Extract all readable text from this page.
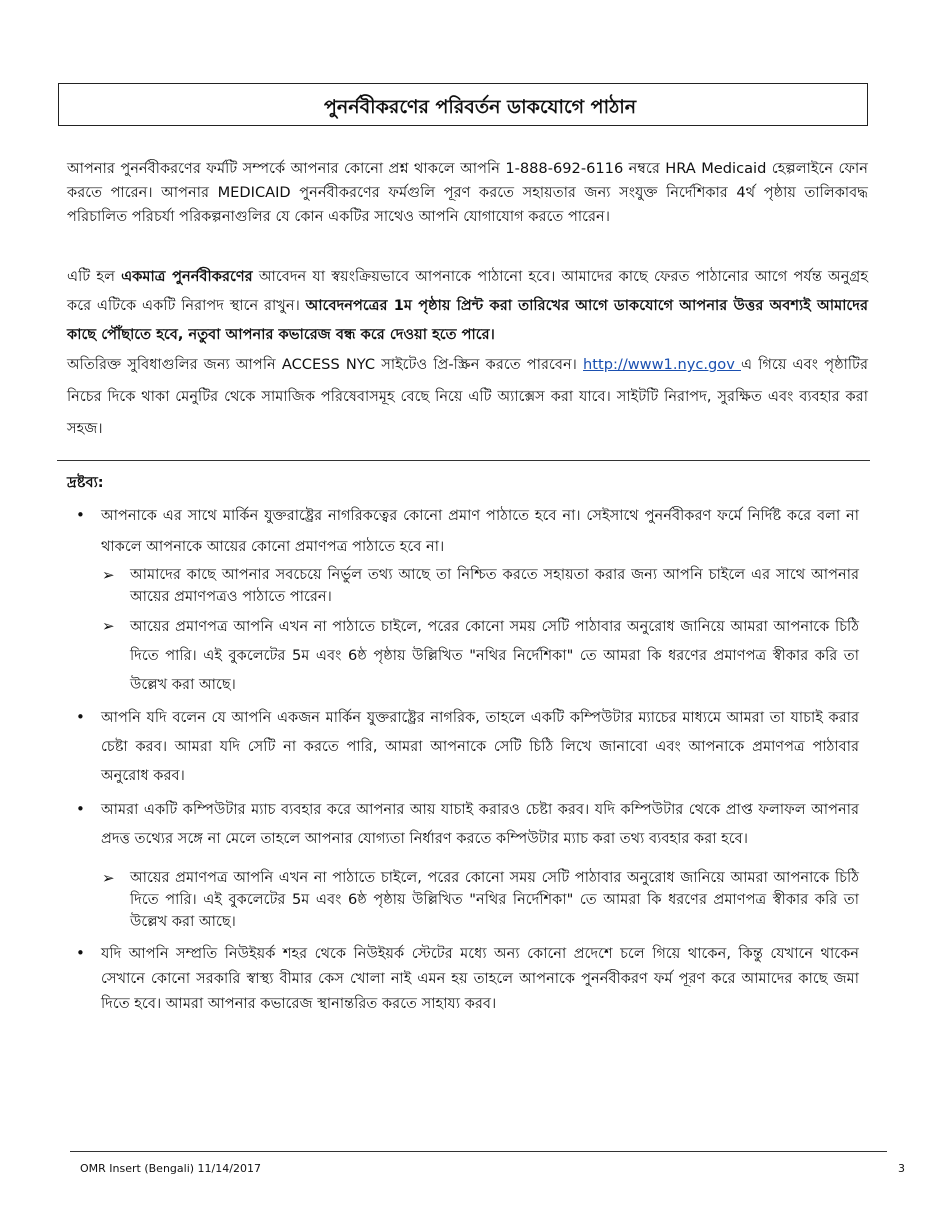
পুনর্নবীকরণের পরিবর্তন ডাকযোগে পাঠান

আপনার পুনর্নবীকরণের ফর্মটি সম্পর্কে আপনার কোনো প্রশ্ন থাকলে আপনি 1-888-692-6116 নম্বরে HRA Medicaid হেল্পলাইনে ফোন করতে পারেন। আপনার MEDICAID পুনর্নবীকরণের ফর্মগুলি পূরণ করতে সহায়তার জন্য সংযুক্ত নির্দেশিকার 4র্থ পৃষ্ঠায় তালিকাবদ্ধ পরিচালিত পরিচর্যা পরিকল্পনাগুলির যে কোন একটির সাথেও আপনি যোগাযোগ করতে পারেন।

এটি হল একমাত্র পুনর্নবীকরণের আবেদন যা স্বয়ংক্রিয়ভাবে আপনাকে পাঠানো হবে। আমাদের কাছে ফেরত পাঠানোর আগে পর্যন্ত অনুগ্রহ করে এটিকে একটি নিরাপদ স্থানে রাখুন। আবেদনপত্রের 1ম পৃষ্ঠায় প্রিন্ট করা তারিখের আগে ডাকযোগে আপনার উত্তর অবশ্যই আমাদের কাছে পৌঁছাতে হবে, নতুবা আপনার কভারেজ বন্ধ করে দেওয়া হতে পারে।

অতিরিক্ত সুবিধাগুলির জন্য আপনি ACCESS NYC সাইটেও প্রি-স্ক্রিন করতে পারবেন। http://www1.nyc.gov এ গিয়ে এবং পৃষ্ঠাটির নিচের দিকে থাকা মেনুটির থেকে সামাজিক পরিষেবাসমূহ বেছে নিয়ে এটি অ্যাক্সেস করা যাবে। সাইটটি নিরাপদ, সুরক্ষিত এবং ব্যবহার করা সহজ।

দ্রষ্টব্য:

• আপনাকে এর সাথে মার্কিন যুক্তরাষ্ট্রের নাগরিকত্বের কোনো প্রমাণ পাঠাতে হবে না। সেইসাথে পুনর্নবীকরণ ফর্মে নির্দিষ্ট করে বলা না থাকলে আপনাকে আয়ের কোনো প্রমাণপত্র পাঠাতে হবে না।

➢ আমাদের কাছে আপনার সবচেয়ে নির্ভুল তথ্য আছে তা নিশ্চিত করতে সহায়তা করার জন্য আপনি চাইলে এর সাথে আপনার আয়ের প্রমাণপত্রও পাঠাতে পারেন।

➢ আয়ের প্রমাণপত্র আপনি এখন না পাঠাতে চাইলে, পরের কোনো সময় সেটি পাঠাবার অনুরোধ জানিয়ে আমরা আপনাকে চিঠি দিতে পারি। এই বুকলেটের 5ম এবং 6ষ্ঠ পৃষ্ঠায় উল্লিখিত "নথির নির্দেশিকা" তে আমরা কি ধরণের প্রমাণপত্র স্বীকার করি তা উল্লেখ করা আছে।

• আপনি যদি বলেন যে আপনি একজন মার্কিন যুক্তরাষ্ট্রের নাগরিক, তাহলে একটি কম্পিউটার ম্যাচের মাধ্যমে আমরা তা যাচাই করার চেষ্টা করব। আমরা যদি সেটি না করতে পারি, আমরা আপনাকে সেটি চিঠি লিখে জানাবো এবং আপনাকে প্রমাণপত্র পাঠাবার অনুরোধ করব।

• আমরা একটি কম্পিউটার ম্যাচ ব্যবহার করে আপনার আয় যাচাই করারও চেষ্টা করব। যদি কম্পিউটার থেকে প্রাপ্ত ফলাফল আপনার প্রদত্ত তথ্যের সঙ্গে না মেলে তাহলে আপনার যোগ্যতা নির্ধারণ করতে কম্পিউটার ম্যাচ করা তথ্য ব্যবহার করা হবে।

➢ আয়ের প্রমাণপত্র আপনি এখন না পাঠাতে চাইলে, পরের কোনো সময় সেটি পাঠাবার অনুরোধ জানিয়ে আমরা আপনাকে চিঠি দিতে পারি। এই বুকলেটের 5ম এবং 6ষ্ঠ পৃষ্ঠায় উল্লিখিত "নথির নির্দেশিকা" তে আমরা কি ধরণের প্রমাণপত্র স্বীকার করি তা উল্লেখ করা আছে।

• যদি আপনি সম্প্রতি নিউইয়র্ক শহর থেকে নিউইয়র্ক স্টেটের মধ্যে অন্য কোনো প্রদেশে চলে গিয়ে থাকেন, কিন্তু যেখানে থাকেন সেখানে কোনো সরকারি স্বাস্থ্য বীমার কেস খোলা নাই এমন হয় তাহলে আপনাকে পুনর্নবীকরণ ফর্ম পূরণ করে আমাদের কাছে জমা দিতে হবে। আমরা আপনার কভারেজ স্থানান্তরিত করতে সাহায্য করব।

OMR Insert (Bengali) 11/14/2017	3
